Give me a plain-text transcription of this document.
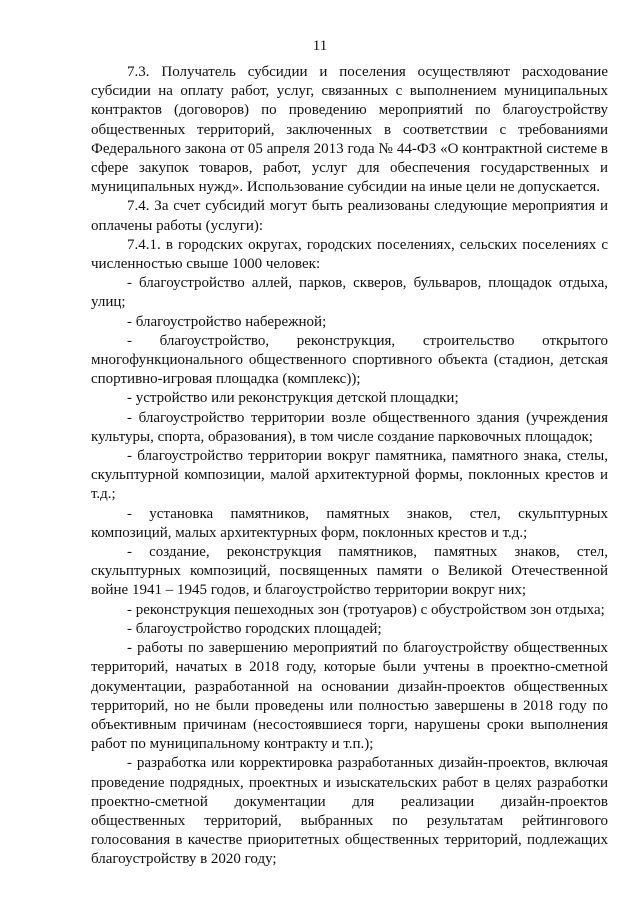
11

7.3. Получатель субсидии и поселения осуществляют расходование субсидии на оплату работ, услуг, связанных с выполнением муниципальных контрактов (договоров) по проведению мероприятий по благоустройству общественных территорий, заключенных в соответствии с требованиями Федерального закона от 05 апреля 2013 года № 44-ФЗ «О контрактной системе в сфере закупок товаров, работ, услуг для обеспечения государственных и муниципальных нужд». Использование субсидии на иные цели не допускается.

7.4. За счет субсидий могут быть реализованы следующие мероприятия и оплачены работы (услуги):

7.4.1. в городских округах, городских поселениях, сельских поселениях с численностью свыше 1000 человек:

- благоустройство аллей, парков, скверов, бульваров, площадок отдыха, улиц;

- благоустройство набережной;

- благоустройство, реконструкция, строительство открытого многофункционального общественного спортивного объекта (стадион, детская спортивно-игровая площадка (комплекс));

- устройство или реконструкция детской площадки;

- благоустройство территории возле общественного здания (учреждения культуры, спорта, образования), в том числе создание парковочных площадок;

- благоустройство территории вокруг памятника, памятного знака, стелы, скульптурной композиции, малой архитектурной формы, поклонных крестов и т.д.;

- установка памятников, памятных знаков, стел, скульптурных композиций, малых архитектурных форм, поклонных крестов и т.д.;

- создание, реконструкция памятников, памятных знаков, стел, скульптурных композиций, посвященных памяти о Великой Отечественной войне 1941 – 1945 годов, и благоустройство территории вокруг них;

- реконструкция пешеходных зон (тротуаров) с обустройством зон отдыха;

- благоустройство городских площадей;

- работы по завершению мероприятий по благоустройству общественных территорий, начатых в 2018 году, которые были учтены в проектно-сметной документации, разработанной на основании дизайн-проектов общественных территорий, но не были проведены или полностью завершены в 2018 году по объективным причинам (несостоявшиеся торги, нарушены сроки выполнения работ по муниципальному контракту и т.п.);

- разработка или корректировка разработанных дизайн-проектов, включая проведение подрядных, проектных и изыскательских работ в целях разработки проектно-сметной документации для реализации дизайн-проектов общественных территорий, выбранных по результатам рейтингового голосования в качестве приоритетных общественных территорий, подлежащих благоустройству в 2020 году;
